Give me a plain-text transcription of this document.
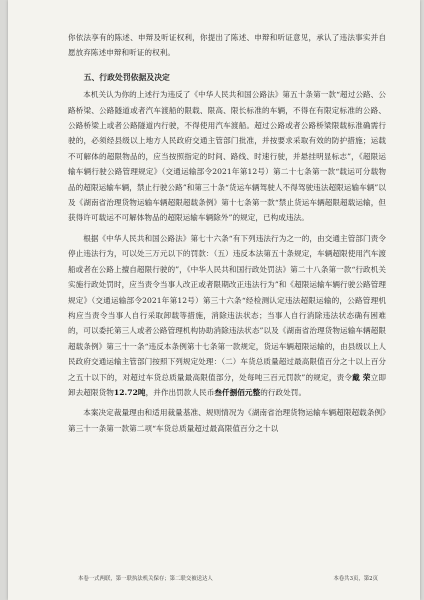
你依法享有的陈述、申辩及听证权利，你提出了陈述、申辩和听证意见，承认了违法事实并自愿放弃陈述申辩和听证的权利。

五、行政处罚依据及决定

本机关认为你的上述行为违反了《中华人民共和国公路法》第五十条第一款“超过公路、公路桥梁、公路隧道或者汽车渡船的限载、限高、限长标准的车辆，不得在有限定标准的公路、公路桥梁上或者公路隧道内行驶，不得使用汽车渡船。超过公路或者公路桥梁限载标准确需行驶的，必须经县级以上地方人民政府交通主管部门批准，并按要求采取有效的防护措施；运载不可解体的超限物品的，应当按照指定的时间、路线、时速行驶，并悬挂明显标志”，《超限运输车辆行驶公路管理规定》（交通运输部令2021年第12号）第二十七条第一款“载运可分载物品的超限运输车辆，禁止行驶公路”和第三十条“货运车辆驾驶人不得驾驶违法超限运输车辆”以及《湖南省治理货物运输车辆超限超载条例》第十七条第一款“禁止货运车辆超限超载运输，但获得许可载运不可解体物品的超限运输车辆除外”的规定，已构成违法。

根据《中华人民共和国公路法》第七十六条“有下列违法行为之一的，由交通主管部门责令停止违法行为，可以处三万元以下的罚款：（五）违反本法第五十条规定，车辆超限使用汽车渡船或者在公路上擅自超限行驶的”，《中华人民共和国行政处罚法》第二十八条第一款“行政机关实施行政处罚时，应当责令当事人改正或者限期改正违法行为”和《超限运输车辆行驶公路管理规定》（交通运输部令2021年第12号）第三十六条“经检测认定违法超限运输的，公路管理机构应当责令当事人自行采取卸载等措施，消除违法状态；当事人自行消除违法状态确有困难的，可以委托第三人或者公路管理机构协助消除违法状态”以及《湖南省治理货物运输车辆超限超载条例》第三十一条“违反本条例第十七条第一款规定，货运车辆超限运输的，由县级以上人民政府交通运输主管部门按照下列规定处理：（二）车货总质量超过最高限值百分之十以上百分之五十以下的，对超过车货总质量最高限值部分，处每吨三百元罚款”的规定，责令戴 荣立即卸去超限货物12.72吨，并作出罚款人民币叁仟捌佰元整的行政处罚。

本案决定裁量理由和适用裁量基准、规则情况为《湖南省治理货物运输车辆超限超载条例》第三十一条第一款第二项“车货总质量超过最高限值百分之十以

本卷一式两联，第一联执法机关保存；第二联交被送达人	本卷共3页，第2页
